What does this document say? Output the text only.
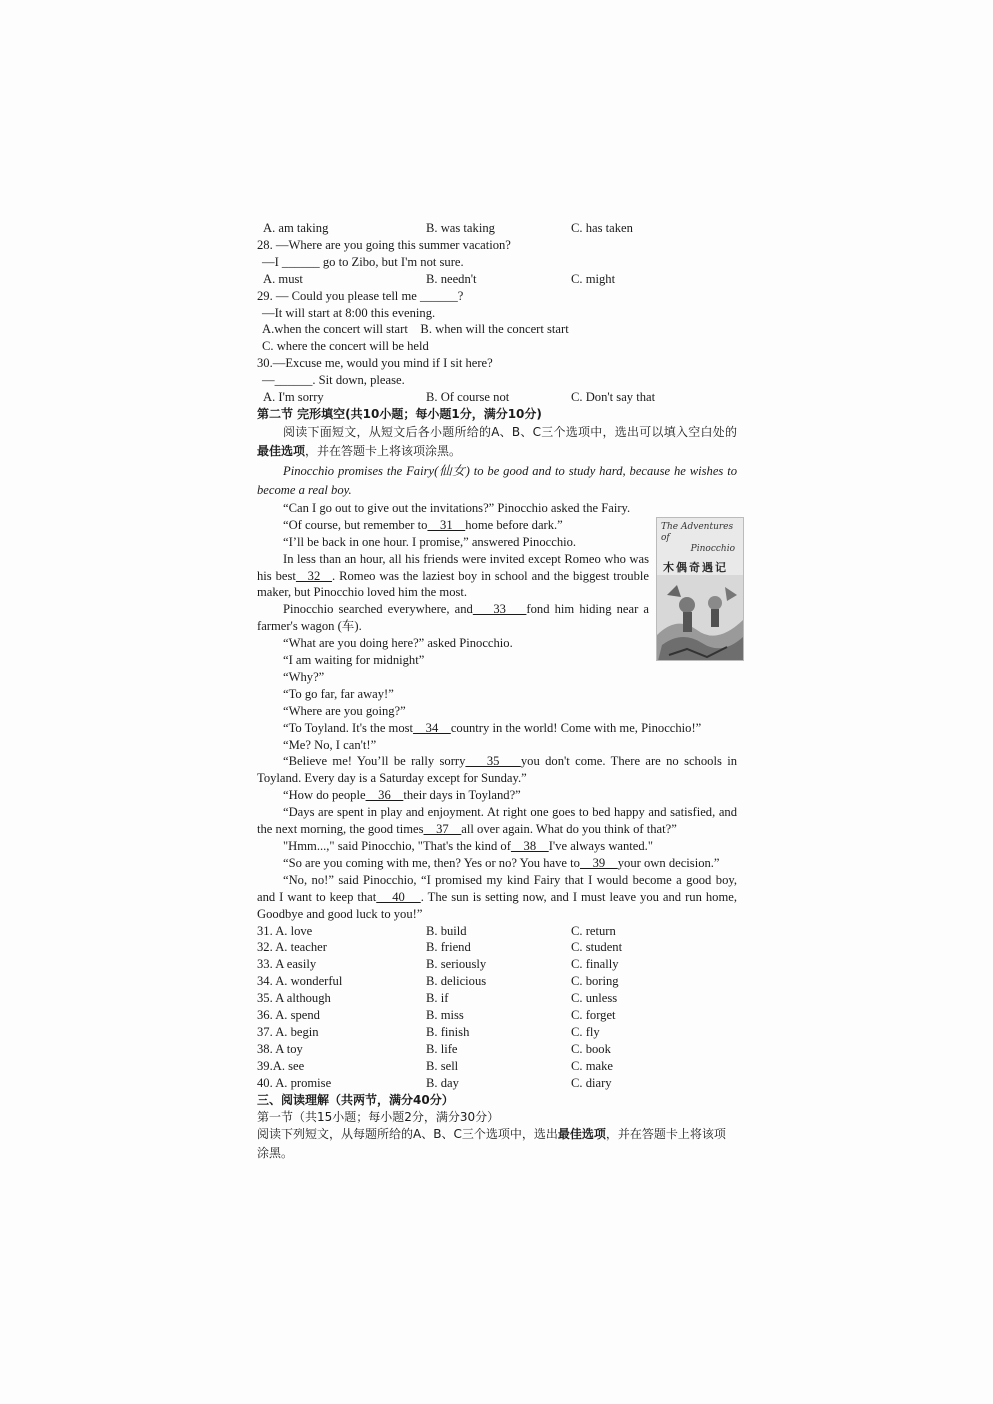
A. am taking	B. was taking	C. has taken
28. —Where are you going this summer vacation?
—I ______ go to Zibo, but I'm not sure.
A. must	B. needn't	C. might
29. — Could you please tell me ______?
—It will start at 8:00 this evening.
A.when the concert will start    B. when will the concert start
C. where the concert will be held
30.—Excuse me, would you mind if I sit here?
—______. Sit down, please.
A. I'm sorry	B. Of course not	C. Don't say that
第二节 完形填空(共10小题；每小题1分，满分10分)
阅读下面短文，从短文后各小题所给的A、B、C三个选项中，选出可以填入空白处的最佳选项，并在答题卡上将该项涂黑。
Pinocchio promises the Fairy(仙女) to be good and to study hard, because he wishes to become a real boy.
“Can I go out to give out the invitations?” Pinocchio asked the Fairy.
“Of course, but remember to    31    home before dark.”
“I’ll be back in one hour. I promise,” answered Pinocchio.
In less than an hour, all his friends were invited except Romeo who was his best   32   . Romeo was the laziest boy in school and the biggest trouble maker, but Pinocchio loved him the most.
Pinocchio searched everywhere, and    33    fond him hiding near a farmer's wagon (车).
“What are you doing here?” asked Pinocchio.
“I am waiting for midnight”
“Why?”
“To go far, far away!”
“Where are you going?”
“To Toyland. It's the most    34    country in the world! Come with me, Pinocchio!”
“Me? No, I can't!”
“Believe me! You’ll be rally sorry    35    you don't come. There are no schools in Toyland. Every day is a Saturday except for Sunday.”
“How do people    36    their days in Toyland?”
“Days are spent in play and enjoyment. At right one goes to bed happy and satisfied, and the next morning, the good times    37    all over again. What do you think of that?”
"Hmm...," said Pinocchio, "That's the kind of    38    I've always wanted."
“So are you coming with me, then? Yes or no? You have to    39    your own decision.”
“No, no!” said Pinocchio, “I promised my kind Fairy that I would become a good boy, and I want to keep that    40    . The sun is setting now, and I must leave you and run home, Goodbye and good luck to you!”
31. A. love	B. build	C. return
32. A. teacher	B. friend	C. student
33. A easily	B. seriously	C. finally
34. A. wonderful	B. delicious	C. boring
35. A although	B. if	C. unless
36. A. spend	B. miss	C. forget
37. A. begin	B. finish	C. fly
38. A toy	B. life	C. book
39.A. see	B. sell	C. make
40. A. promise	B. day	C. diary
三、阅读理解（共两节，满分40分）
第一节（共15小题；每小题2分，满分30分）
阅读下列短文，从每题所给的A、B、C三个选项中，选出最佳选项，并在答题卡上将该项涂黑。
The Adventures of
Pinocchio
木偶奇遇记
